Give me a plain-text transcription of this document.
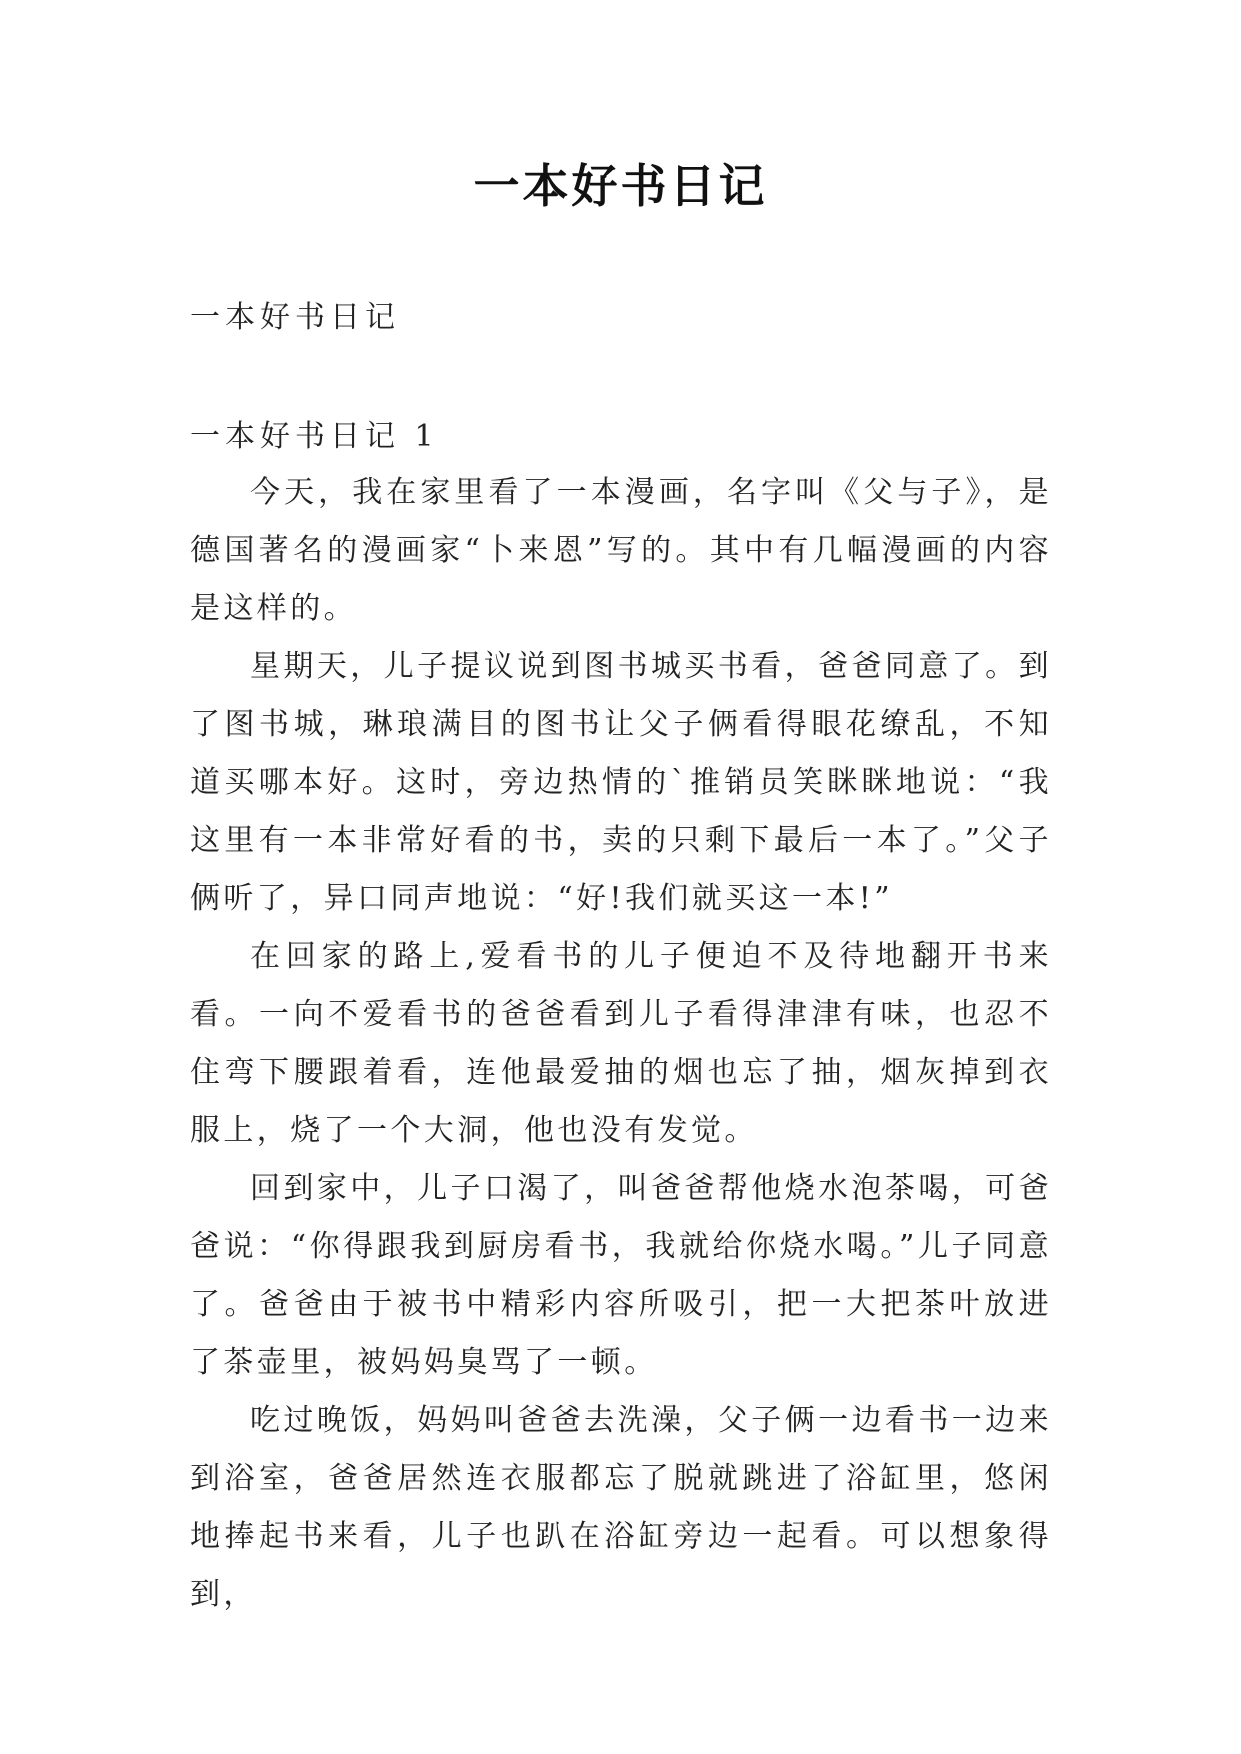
一本好书日记

一本好书日记

一本好书日记 1

今天，我在家里看了一本漫画，名字叫《父与子》，是德国著名的漫画家“卜来恩”写的。其中有几幅漫画的内容是这样的。

星期天，儿子提议说到图书城买书看，爸爸同意了。到了图书城，琳琅满目的图书让父子俩看得眼花缭乱，不知道买哪本好。这时，旁边热情的`推销员笑眯眯地说：“我这里有一本非常好看的书，卖的只剩下最后一本了。”父子俩听了，异口同声地说：“好!我们就买这一本!”

在回家的路上,爱看书的儿子便迫不及待地翻开书来看。一向不爱看书的爸爸看到儿子看得津津有味，也忍不住弯下腰跟着看，连他最爱抽的烟也忘了抽，烟灰掉到衣服上，烧了一个大洞，他也没有发觉。

回到家中，儿子口渴了，叫爸爸帮他烧水泡茶喝，可爸爸说：“你得跟我到厨房看书，我就给你烧水喝。”儿子同意了。爸爸由于被书中精彩内容所吸引，把一大把茶叶放进了茶壶里，被妈妈臭骂了一顿。

吃过晚饭，妈妈叫爸爸去洗澡，父子俩一边看书一边来到浴室，爸爸居然连衣服都忘了脱就跳进了浴缸里，悠闲地捧起书来看，儿子也趴在浴缸旁边一起看。可以想象得到，
